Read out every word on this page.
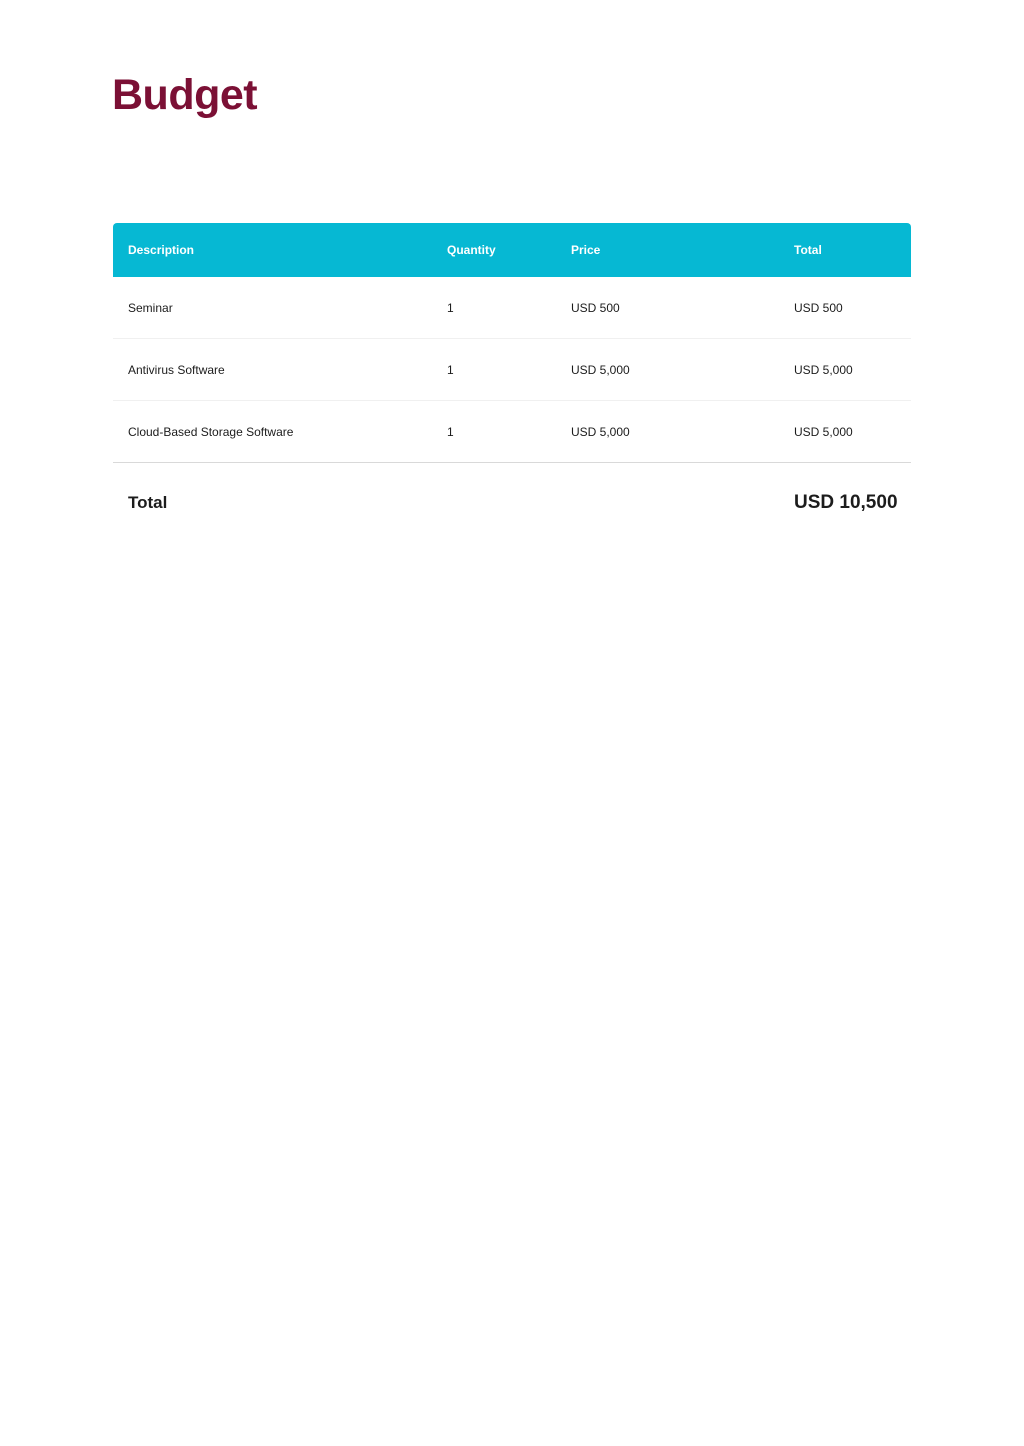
Budget
Description	Quantity	Price	Total
Seminar	1	USD 500	USD 500
Antivirus Software	1	USD 5,000	USD 5,000
Cloud-Based Storage Software	1	USD 5,000	USD 5,000
Total	USD 10,500
